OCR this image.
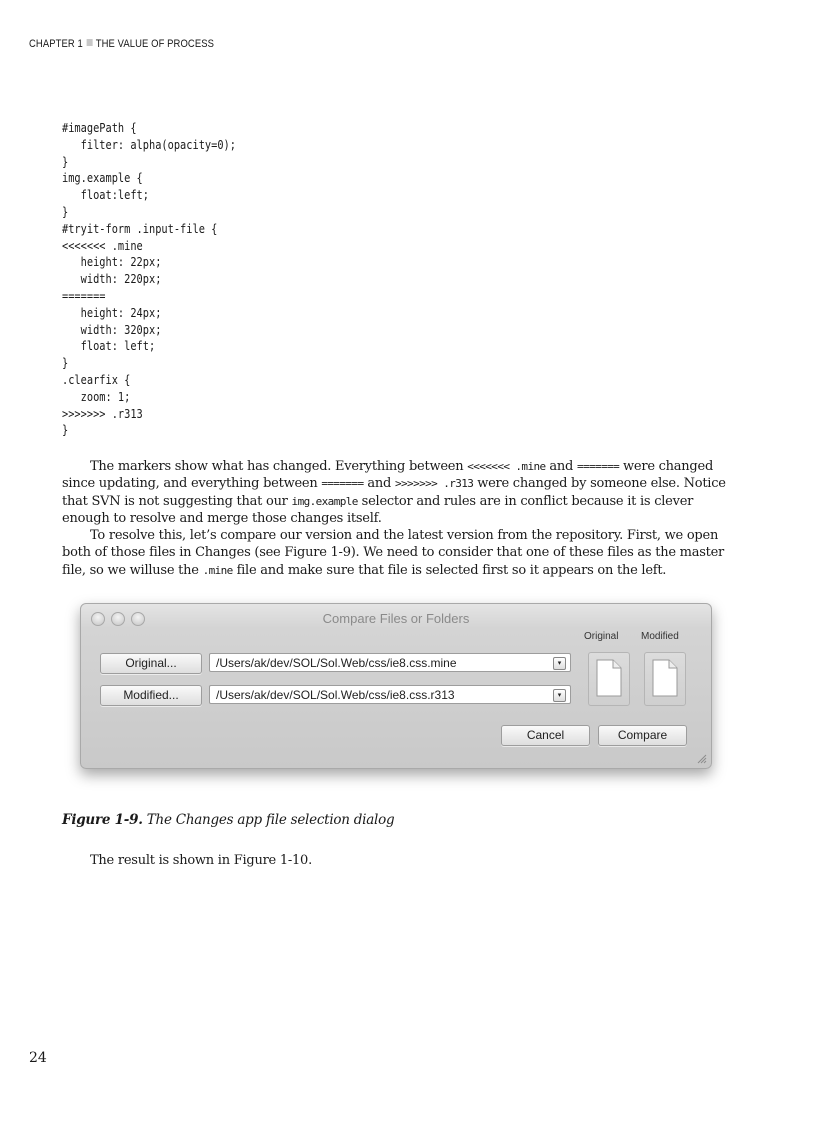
CHAPTER 1 THE VALUE OF PROCESS
#imagePath {
filter: alpha(opacity=0);
}
img.example {
float:left;
}
#tryit-form .input-file {
<<<<<<< .mine
height: 22px;
width: 220px;
=======
height: 24px;
width: 320px;
float: left;
}
.clearfix {
zoom: 1;
>>>>>>> .r313
}

The markers show what has changed. Everything between <<<<<<< .mine and ======= were changed since updating, and everything between ======= and >>>>>>> .r313 were changed by someone else. Notice that SVN is not suggesting that our img.example selector and rules are in conflict because it is clever enough to resolve and merge those changes itself.

To resolve this, let’s compare our version and the latest version from the repository. First, we open both of those files in Changes (see Figure 1-9). We need to consider that one of these files as the master file, so we willuse the .mine file and make sure that file is selected first so it appears on the left.

Compare Files or Folders
Original Modified
Original...
Modified...
/Users/ak/dev/SOL/Sol.Web/css/ie8.css.mine	▾
/Users/ak/dev/SOL/Sol.Web/css/ie8.css.r313	▾
Cancel	Compare

Figure 1-9. The Changes app file selection dialog

The result is shown in Figure 1-10.

24
